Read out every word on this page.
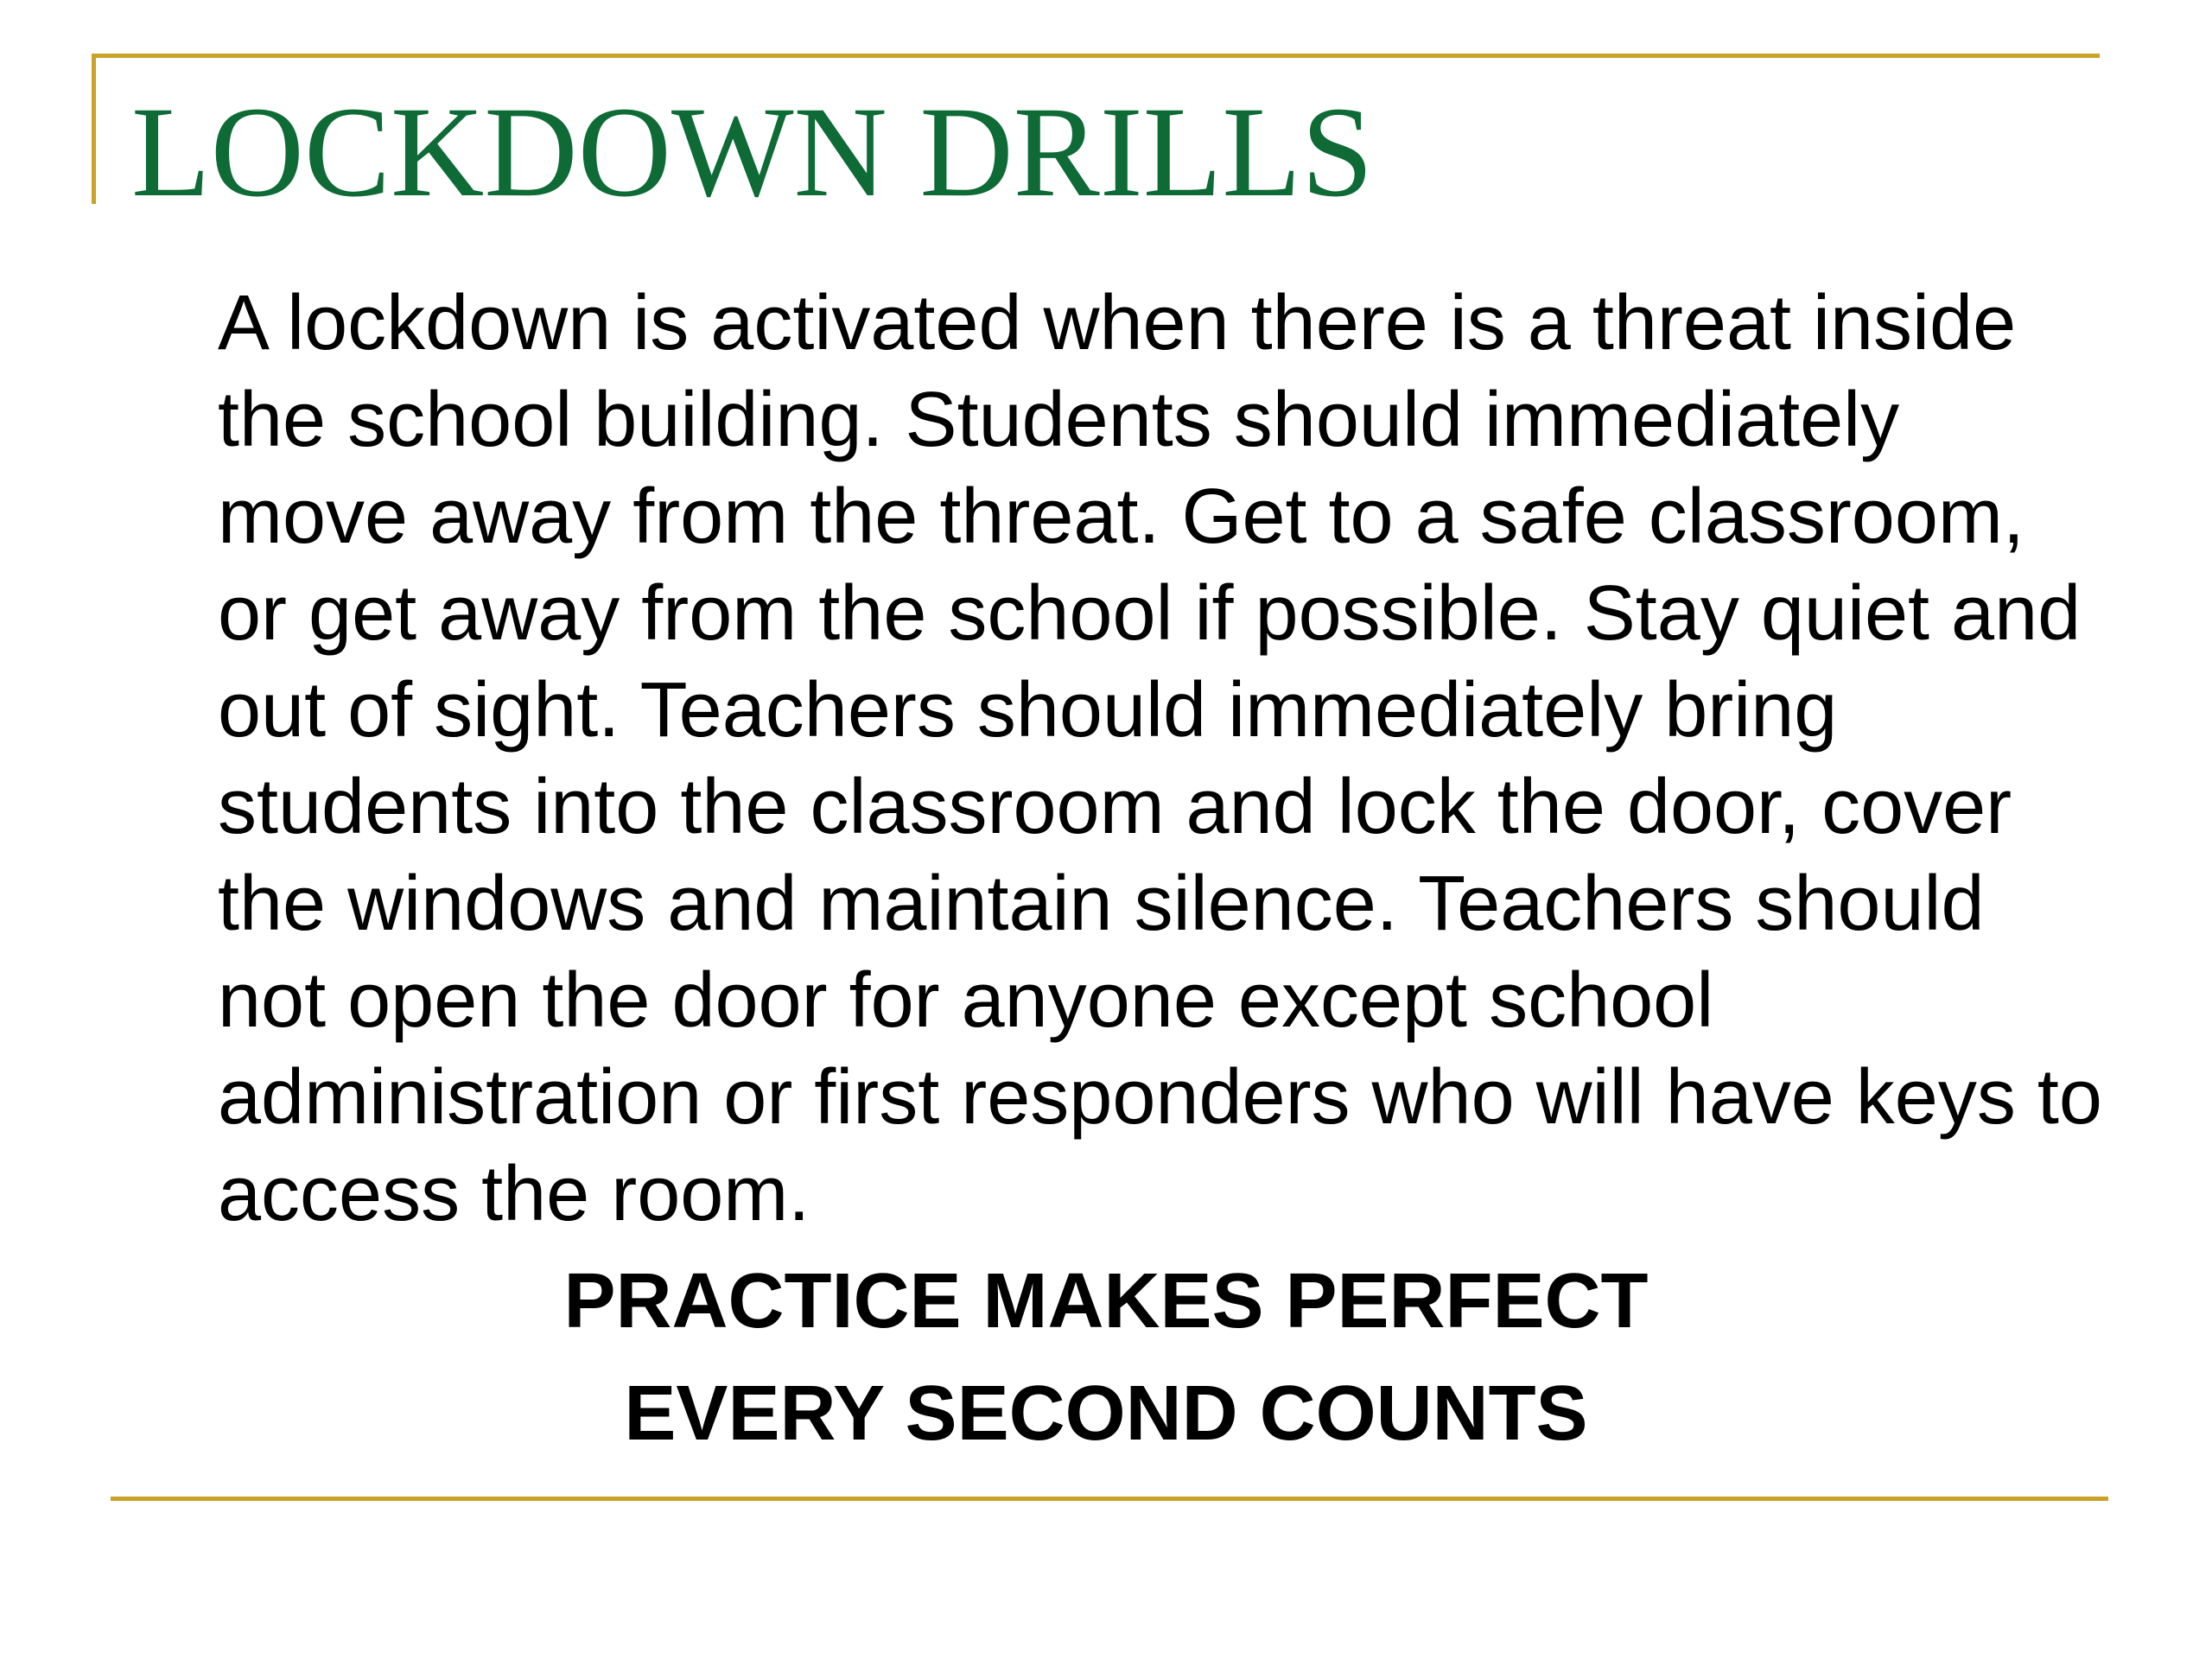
LOCKDOWN DRILLS

A lockdown is activated when there is a threat inside the school building. Students should immediately move away from the threat. Get to a safe classroom, or get away from the school if possible. Stay quiet and out of sight. Teachers should immediately bring students into the classroom and lock the door, cover the windows and maintain silence. Teachers should not open the door for anyone except school administration or first responders who will have keys to access the room.

PRACTICE MAKES PERFECT

EVERY SECOND COUNTS
